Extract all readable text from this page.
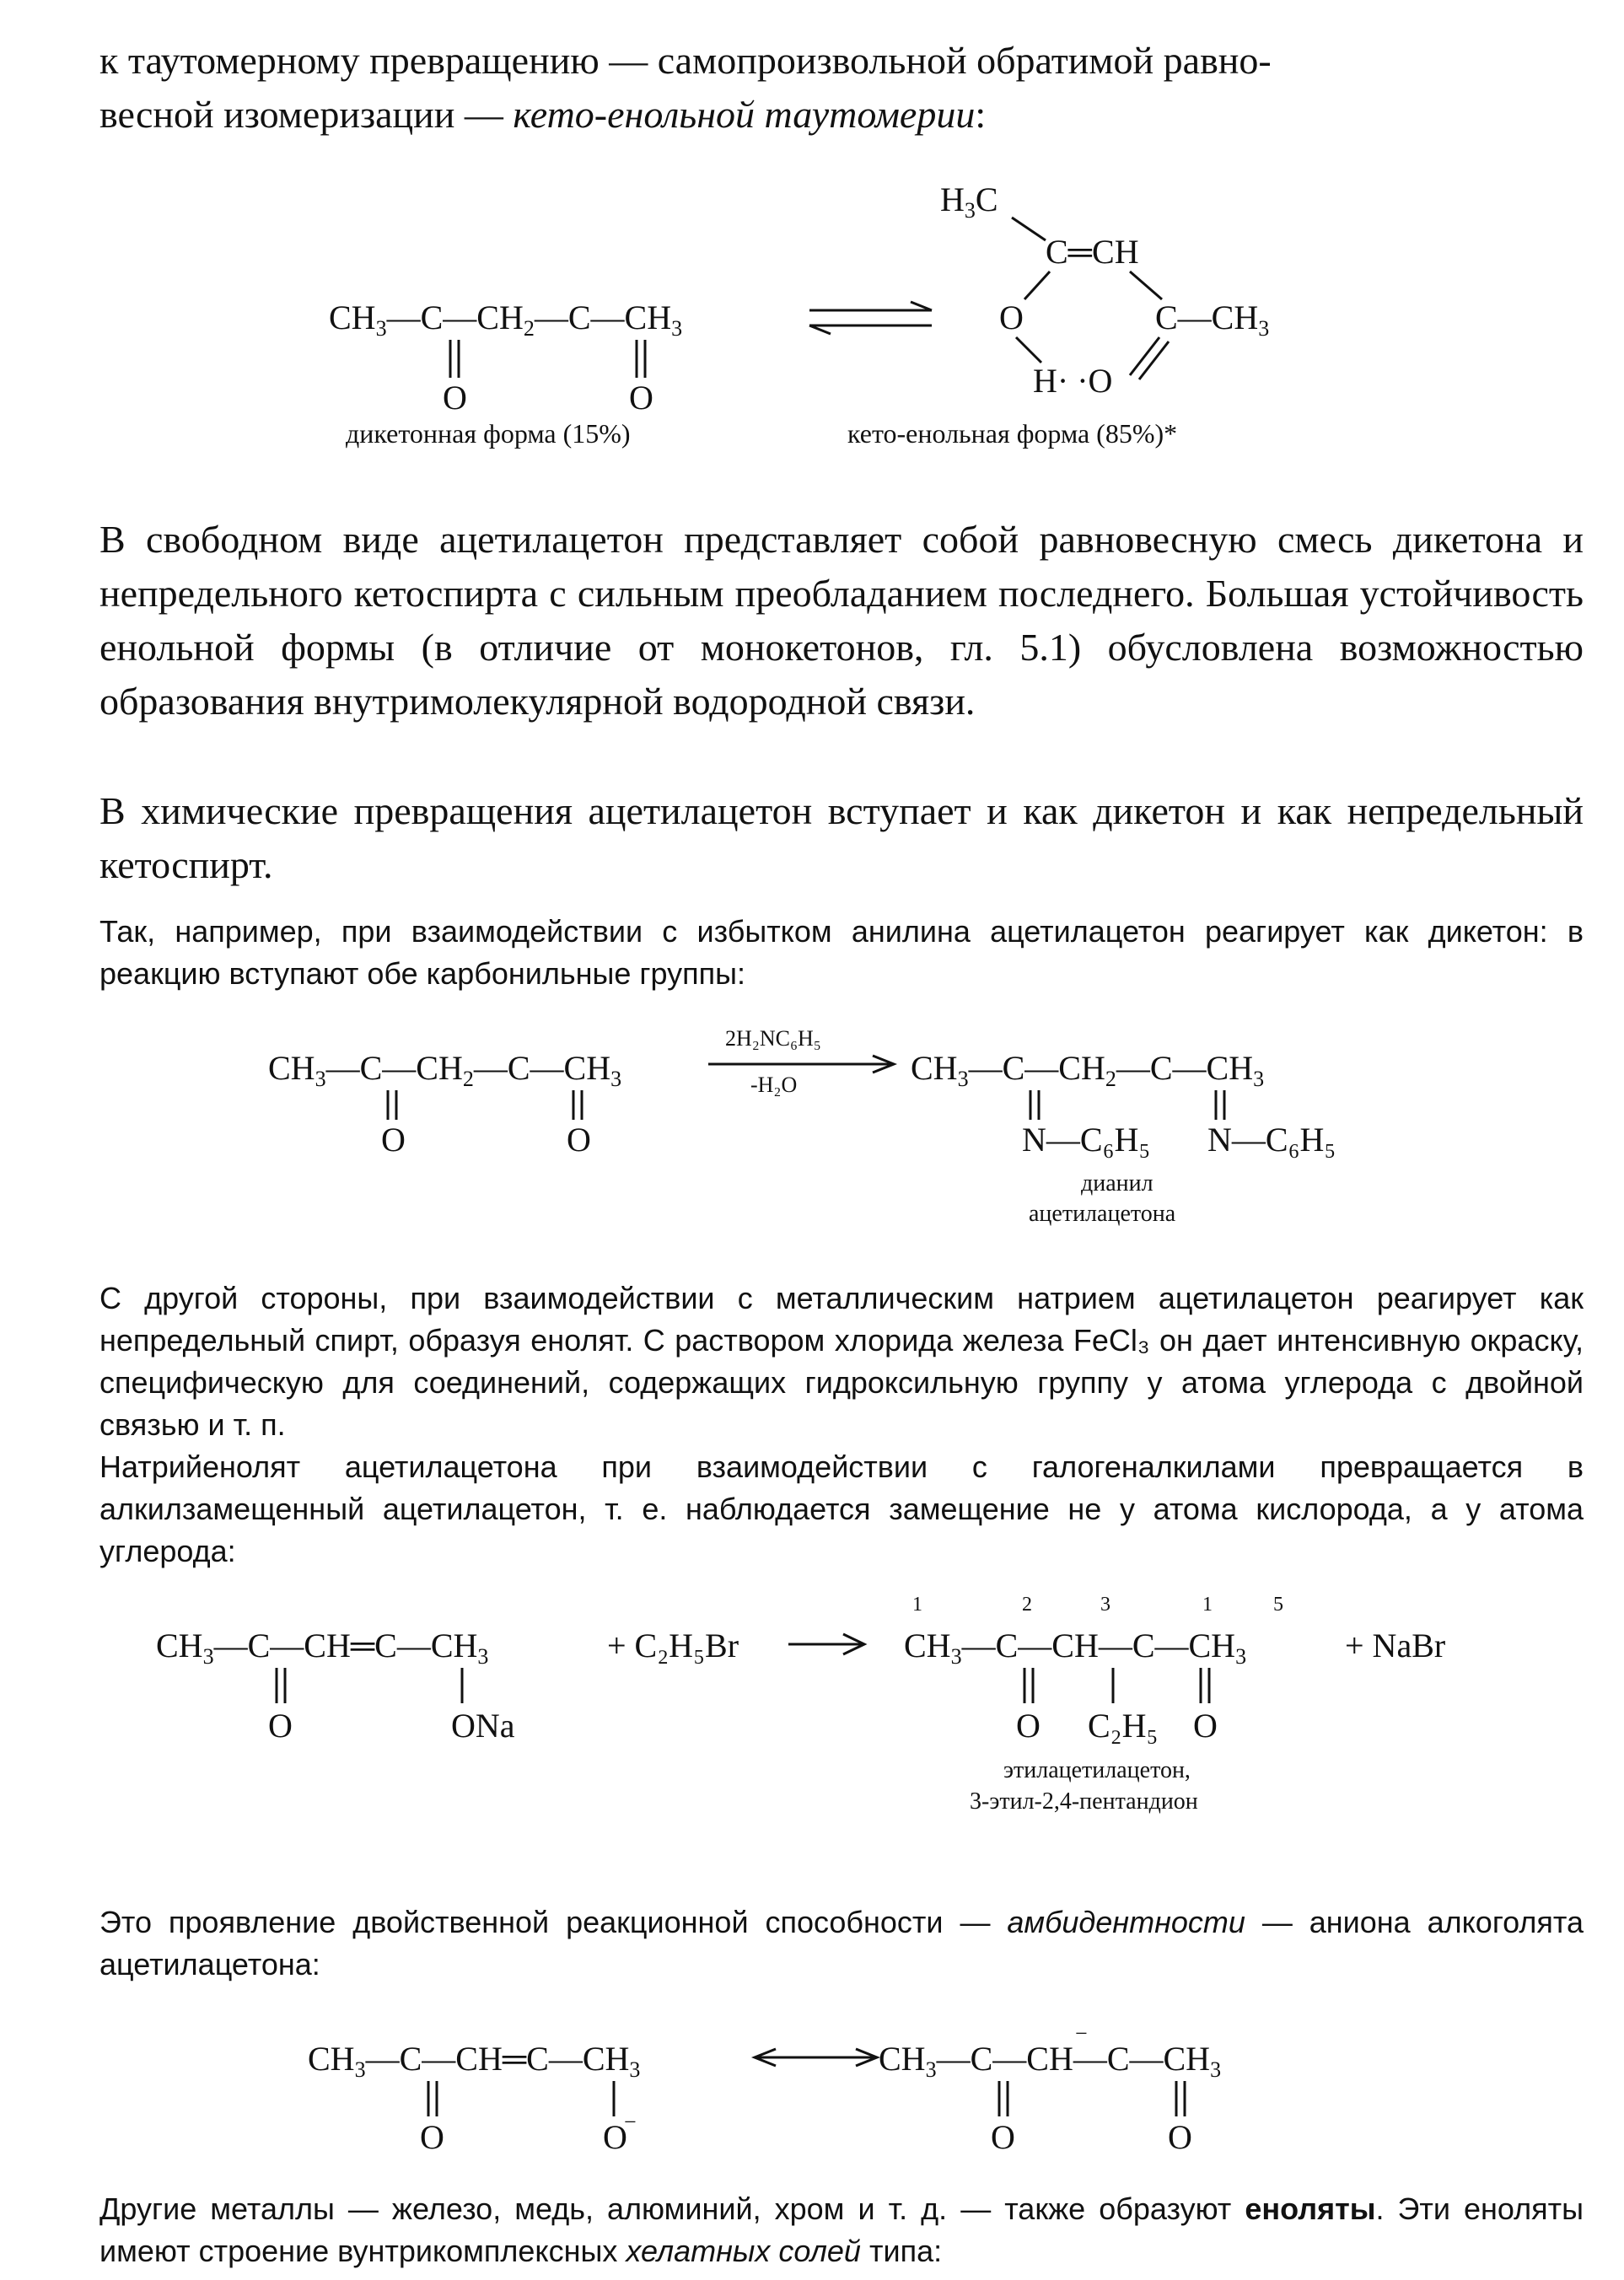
к таутомерному превращению — самопроизвольной обратимой равно-
весной изомеризации — кето-енольной таутомерии:
$CH_3—C—CH_2—C—CH_3$
O	O
$H_3C$
C═CH
O
H· ·O
$C—CH_3$
дикетонная форма (15%)	кето-енольная форма (85%)*
В свободном виде ацетилацетон представляет собой равновесную смесь дикетона и непредельного кетоспирта с сильным преобладанием последнего. Большая устойчивость енольной формы (в отличие от монокетонов, гл. 5.1) обусловлена возможностью образования внутримолекулярной водородной связи.
В химические превращения ацетилацетон вступает и как дикетон и как непредельный кетоспирт.
Так, например, при взаимодействии с избытком анилина ацетилацетон реагирует как дикетон: в реакцию вступают обе карбонильные группы:
$CH_3—C—CH_2—C—CH_3$
O	O
2H₂NC₆H₅
-H₂O	$CH_3—C—CH_2—C—CH_3$
N—C₆H₅ N—C₆H₅
дианил
ацетилацетона
С другой стороны, при взаимодействии с металлическим натрием ацетилацетон реагирует как непредельный спирт, образуя енолят. С раствором хлорида железа FeCl₃ он дает интенсивную окраску, специфическую для соединений, содержащих гидроксильную группу у атома углерода с двойной связью и т. п.
Натрийенолят ацетилацетона при взаимодействии с галогеналкилами превращается в алкилзамещенный ацетилацетон, т. е. наблюдается замещение не у атома кислорода, а у атома углерода:
$CH_3—C—CH═C—CH_3$
O	ONa
+ C₂H₅Br
1	2	3	1	5
$CH_3—C—CH—C—CH_3$
O C₂H₅ O
+ NaBr
этилацетилацетон,
3-этил-2,4-пентандион
Это проявление двойственной реакционной способности — амбидентности — аниона алкоголята ацетилацетона:
$CH_3—C—CH═C—CH_3$
O	O
−
$CH_3—C—CH—C—CH_3$
−
O	O
Другие металлы — железо, медь, алюминий, хром и т. д. — также образуют еноляты. Эти еноляты имеют строение вунтрикомплексных хелатных солей типа:
